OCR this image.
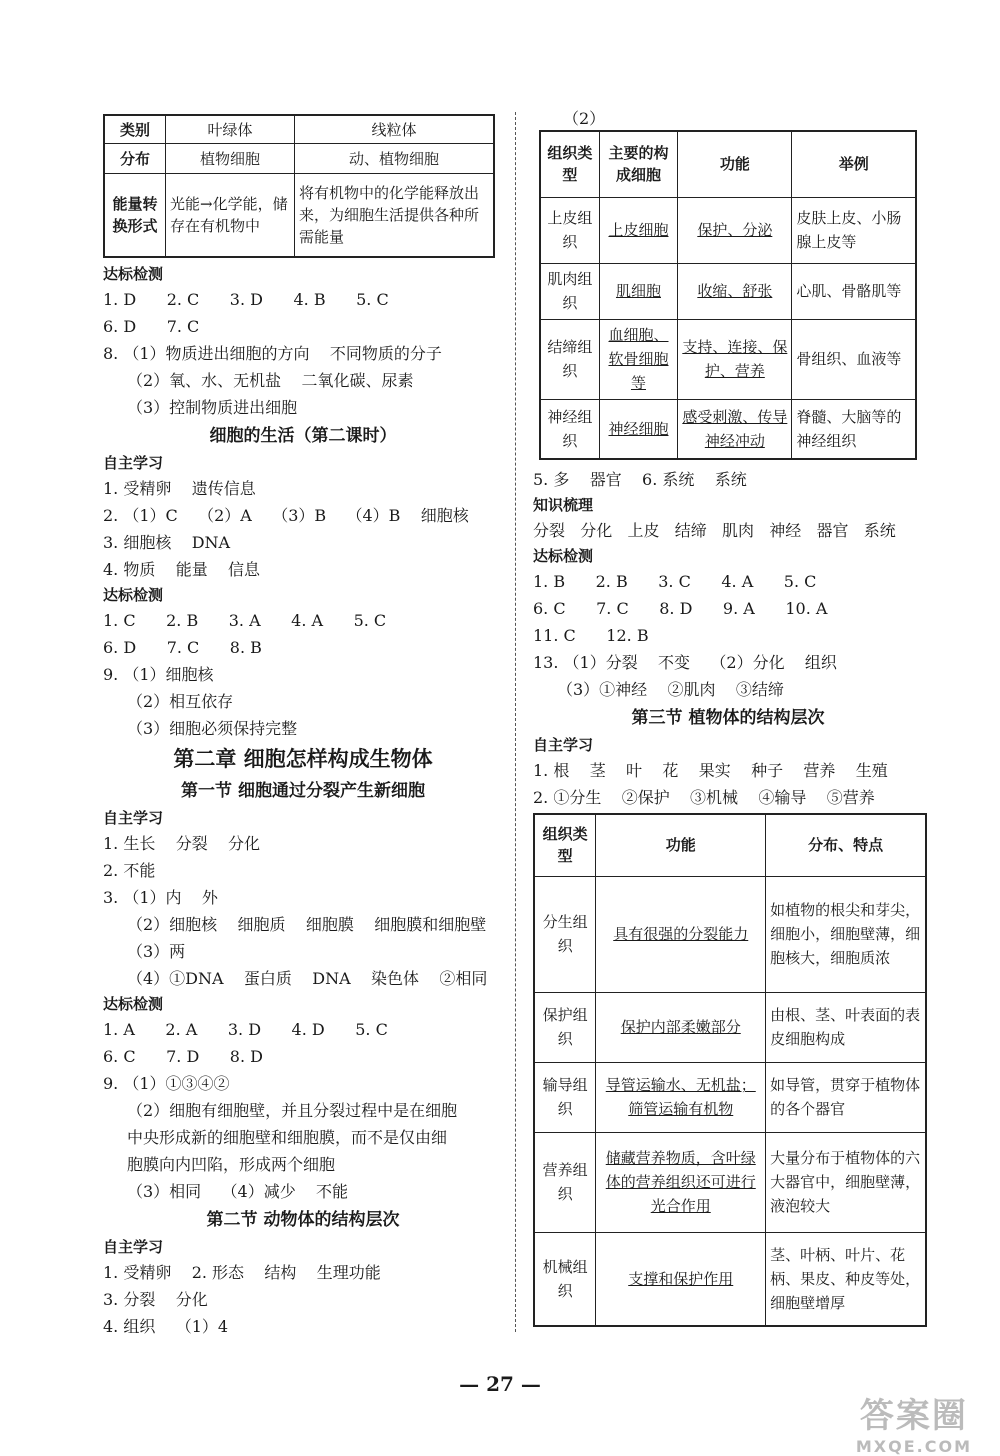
类别	叶绿体	线粒体
分布	植物细胞	动、植物细胞
能量转换形式	光能→化学能，储存在有机物中	将有机物中的化学能释放出来，为细胞生活提供各种所需能量
达标检测
1. D      2. C      3. D      4. B      5. C
6. D      7. C
8. （1）物质进出细胞的方向    不同物质的分子
（2）氧、水、无机盐    二氧化碳、尿素
（3）控制物质进出细胞
细胞的生活（第二课时）
自主学习
1. 受精卵    遗传信息
2. （1）C    （2）A    （3）B    （4）B    细胞核
3. 细胞核    DNA
4. 物质    能量    信息
达标检测
1. C      2. B      3. A      4. A      5. C
6. D      7. C      8. B
9. （1）细胞核
（2）相互依存
（3）细胞必须保持完整
第二章 细胞怎样构成生物体
第一节 细胞通过分裂产生新细胞
自主学习
1. 生长    分裂    分化
2. 不能
3. （1）内    外
（2）细胞核    细胞质    细胞膜    细胞膜和细胞壁
（3）两
（4）①DNA    蛋白质    DNA    染色体    ②相同
达标检测
1. A      2. A      3. D      4. D      5. C
6. C      7. D      8. D
9. （1）①③④②
（2）细胞有细胞壁，并且分裂过程中是在细胞
中央形成新的细胞壁和细胞膜，而不是仅由细
胞膜向内凹陷，形成两个细胞
（3）相同    （4）减少    不能
第二节 动物体的结构层次
自主学习
1. 受精卵    2. 形态    结构    生理功能
3. 分裂    分化
4. 组织    （1）4
（2）
组织类型	主要的构成细胞	功能	举例
上皮组织	上皮细胞	保护、分泌	皮肤上皮、小肠腺上皮等
肌肉组织	肌细胞	收缩、舒张	心肌、骨骼肌等
结缔组织	血细胞、软骨细胞等	支持、连接、保护、营养	骨组织、血液等
神经组织	神经细胞	感受刺激、传导神经冲动	脊髓、大脑等的神经组织
5. 多    器官    6. 系统    系统
知识梳理
分裂   分化   上皮   结缔   肌肉   神经   器官   系统
达标检测
1. B      2. B      3. C      4. A      5. C
6. C      7. C      8. D      9. A      10. A
11. C      12. B
13. （1）分裂    不变    （2）分化    组织
（3）①神经    ②肌肉    ③结缔
第三节 植物体的结构层次
自主学习
1. 根    茎    叶    花    果实    种子    营养    生殖
2. ①分生    ②保护    ③机械    ④输导    ⑤营养
组织类型	功能	分布、特点
分生组织	具有很强的分裂能力	如植物的根尖和芽尖，细胞小，细胞壁薄，细胞核大，细胞质浓
保护组织	保护内部柔嫩部分	由根、茎、叶表面的表皮细胞构成
输导组织	导管运输水、无机盐；筛管运输有机物	如导管，贯穿于植物体的各个器官
营养组织	储藏营养物质，含叶绿体的营养组织还可进行光合作用	大量分布于植物体的六大器官中，细胞壁薄，液泡较大
机械组织	支撑和保护作用	茎、叶柄、叶片、花柄、果皮、种皮等处，细胞壁增厚
— 27 —
答案圈
MXQE.COM
